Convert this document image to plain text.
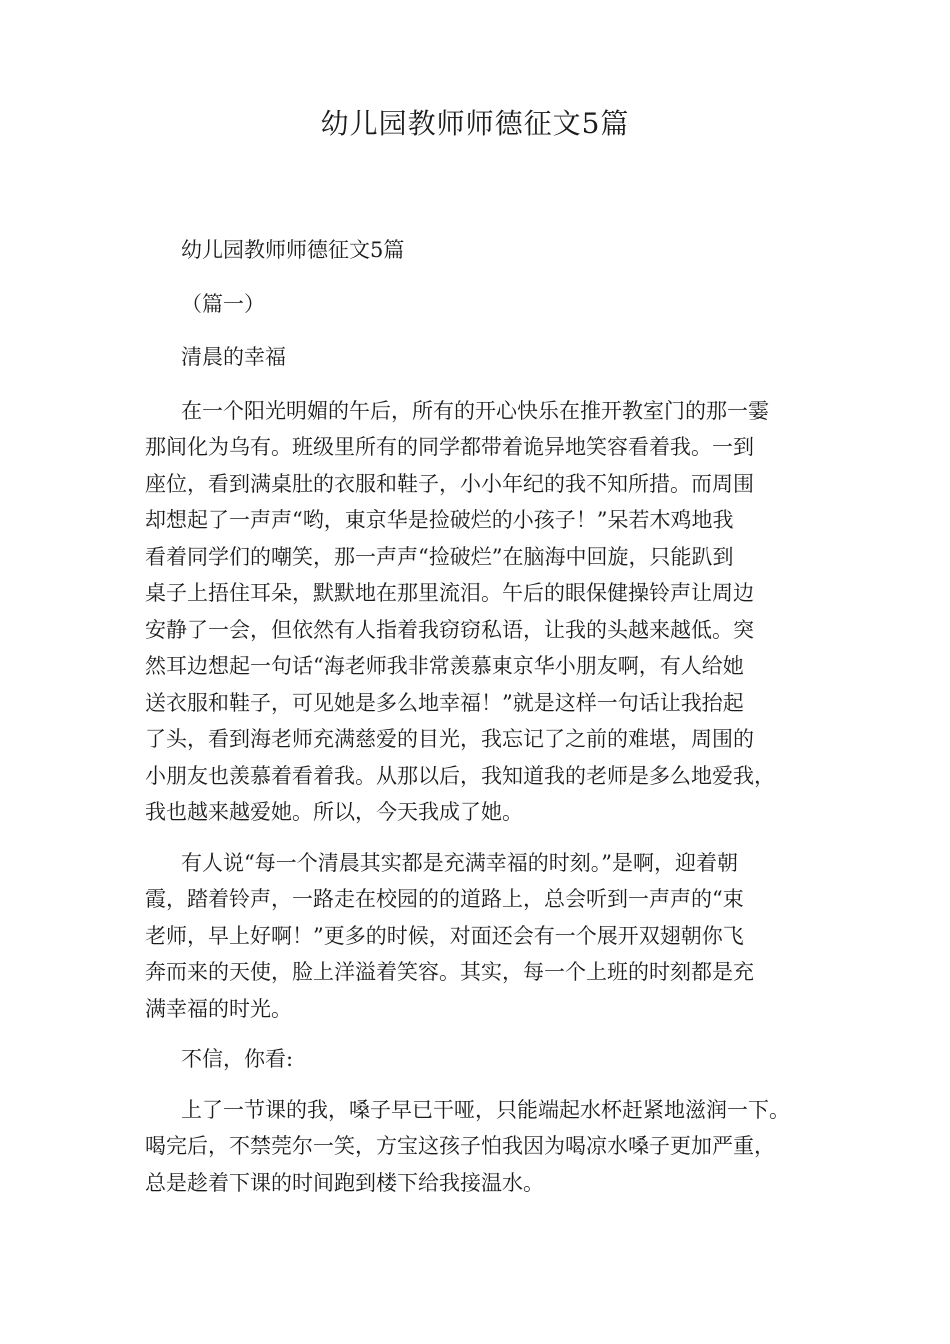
幼儿园教师师德征文5篇
幼儿园教师师德征文5篇
（篇一）
清晨的幸福
在一个阳光明媚的午后，所有的开心快乐在推开教室门的那一霎
那间化为乌有。班级里所有的同学都带着诡异地笑容看着我。一到
座位，看到满桌肚的衣服和鞋子，小小年纪的我不知所措。而周围
却想起了一声声“哟，東京华是捡破烂的小孩子！”呆若木鸡地我
看着同学们的嘲笑，那一声声“捡破烂”在脑海中回旋，只能趴到
桌子上捂住耳朵，默默地在那里流泪。午后的眼保健操铃声让周边
安静了一会，但依然有人指着我窃窃私语，让我的头越来越低。突
然耳边想起一句话“海老师我非常羡慕東京华小朋友啊，有人给她
送衣服和鞋子，可见她是多么地幸福！”就是这样一句话让我抬起
了头，看到海老师充满慈爱的目光，我忘记了之前的难堪，周围的
小朋友也羡慕着看着我。从那以后，我知道我的老师是多么地爱我，
我也越来越爱她。所以，今天我成了她。
有人说“每一个清晨其实都是充满幸福的时刻。”是啊，迎着朝
霞，踏着铃声，一路走在校园的的道路上，总会听到一声声的“束
老师，早上好啊！”更多的时候，对面还会有一个展开双翅朝你飞
奔而来的天使，脸上洋溢着笑容。其实，每一个上班的时刻都是充
满幸福的时光。
不信，你看:
上了一节课的我，嗓子早已干哑，只能端起水杯赶紧地滋润一下。
喝完后，不禁莞尔一笑，方宝这孩子怕我因为喝凉水嗓子更加严重，
总是趁着下课的时间跑到楼下给我接温水。
